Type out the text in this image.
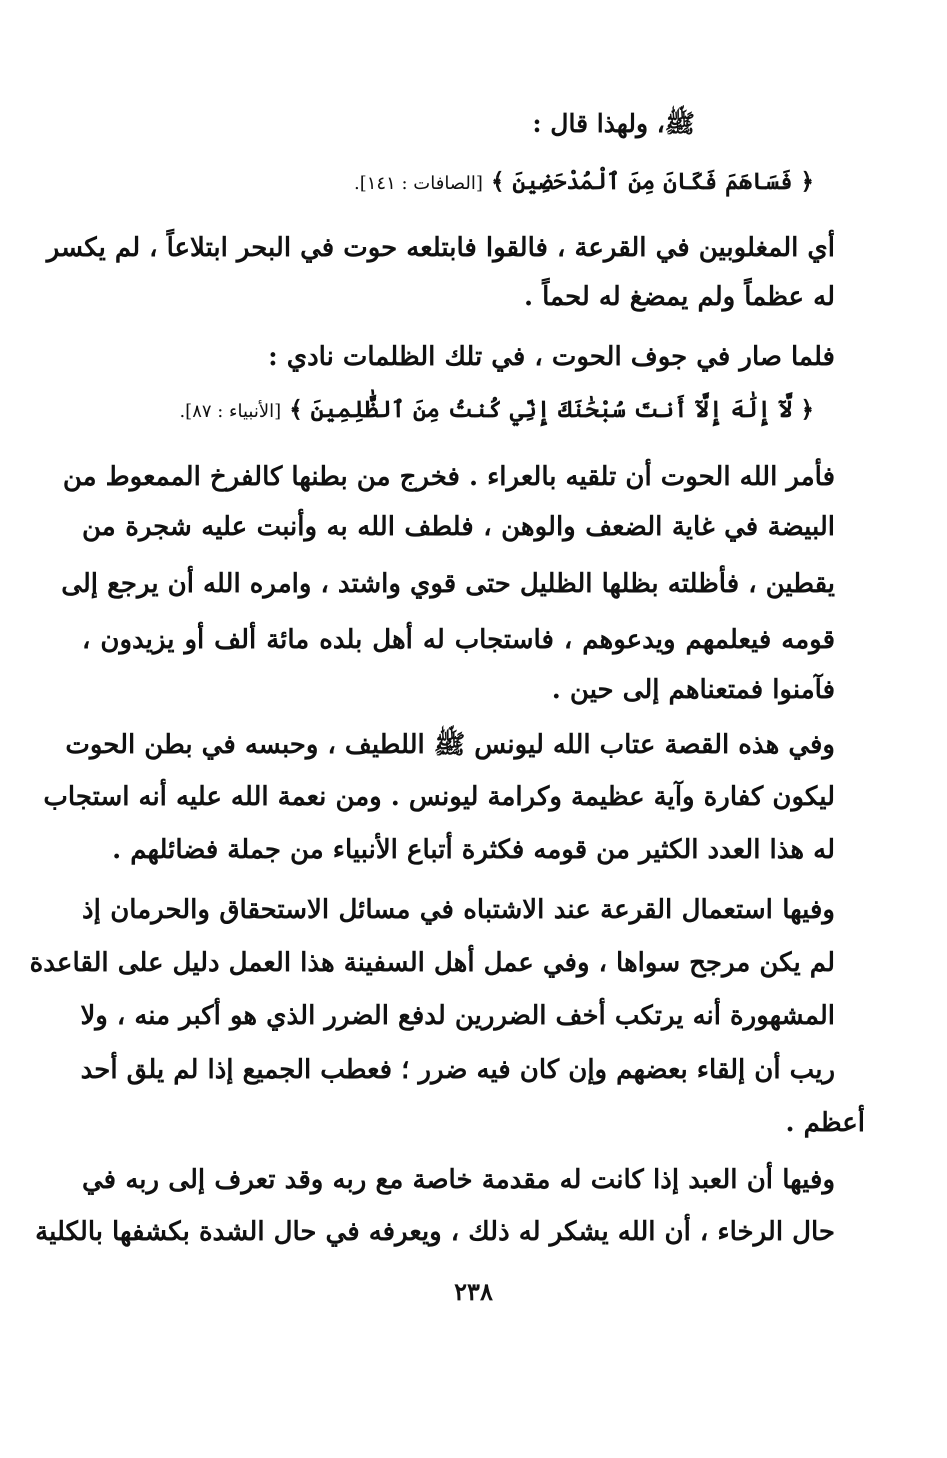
ﷺ، ولهذا قال :
﴿ فَسَاهَمَ فَكَانَ مِنَ ٱلْمُدْحَضِينَ ﴾ [الصافات : ١٤١].
أي المغلوبين في القرعة ، فالقوا فابتلعه حوت في البحر ابتلاعاً ، لم يكسر
له عظماً ولم يمضغ له لحماً .
فلما صار في جوف الحوت ، في تلك الظلمات نادي :
﴿ لَّآ إِلَٰهَ إِلَّآ أَنتَ سُبْحَٰنَكَ إِنِّي كُنتُ مِنَ ٱلظَّٰلِمِينَ ﴾ [الأنبياء : ٨٧].
فأمر الله الحوت أن تلقيه بالعراء . فخرج من بطنها كالفرخ الممعوط من
البيضة في غاية الضعف والوهن ، فلطف الله به وأنبت عليه شجرة من
يقطين ، فأظلته بظلها الظليل حتى قوي واشتد ، وامره الله أن يرجع إلى
قومه فيعلمهم ويدعوهم ، فاستجاب له أهل بلده مائة ألف أو يزيدون ،
فآمنوا فمتعناهم إلى حين .
وفي هذه القصة عتاب الله ليونس ﷺ اللطيف ، وحبسه في بطن الحوت
ليكون كفارة وآية عظيمة وكرامة ليونس . ومن نعمة الله عليه أنه استجاب
له هذا العدد الكثير من قومه فكثرة أتباع الأنبياء من جملة فضائلهم .
وفيها استعمال القرعة عند الاشتباه في مسائل الاستحقاق والحرمان إذ
لم يكن مرجح سواها ، وفي عمل أهل السفينة هذا العمل دليل على القاعدة
المشهورة أنه يرتكب أخف الضررين لدفع الضرر الذي هو أكبر منه ، ولا
ريب أن إلقاء بعضهم وإن كان فيه ضرر ؛ فعطب الجميع إذا لم يلق أحد
أعظم .
وفيها أن العبد إذا كانت له مقدمة خاصة مع ربه وقد تعرف إلى ربه في
حال الرخاء ، أن الله يشكر له ذلك ، ويعرفه في حال الشدة بكشفها بالكلية
٢٣٨
